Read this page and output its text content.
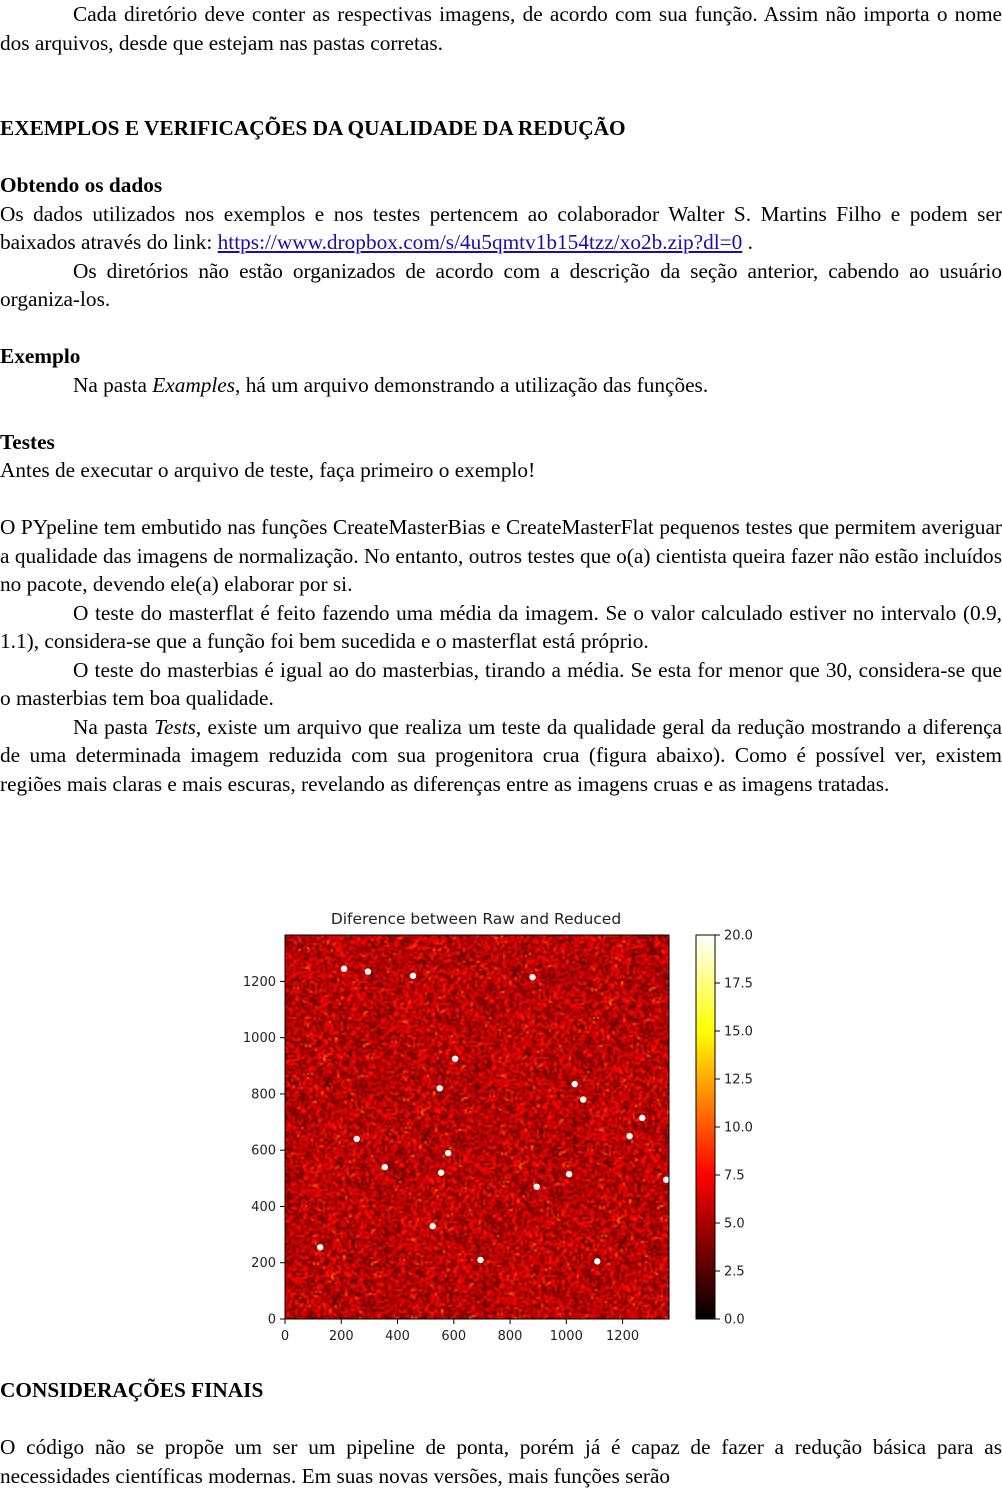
Cada diretório deve conter as respectivas imagens, de acordo com sua função. Assim não importa o nome dos arquivos, desde que estejam nas pastas corretas.

EXEMPLOS E VERIFICAÇÕES DA QUALIDADE DA REDUÇÃO

Obtendo os dados

Os dados utilizados nos exemplos e nos testes pertencem ao colaborador Walter S. Martins Filho e podem ser baixados através do link: https://www.dropbox.com/s/4u5qmtv1b154tzz/xo2b.zip?dl=0 .

Os diretórios não estão organizados de acordo com a descrição da seção anterior, cabendo ao usuário organiza-los.

Exemplo

Na pasta Examples, há um arquivo demonstrando a utilização das funções.

Testes

Antes de executar o arquivo de teste, faça primeiro o exemplo!

O PYpeline tem embutido nas funções CreateMasterBias e CreateMasterFlat pequenos testes que permitem averiguar a qualidade das imagens de normalização. No entanto, outros testes que o(a) cientista queira fazer não estão incluídos no pacote, devendo ele(a) elaborar por si.

O teste do masterflat é feito fazendo uma média da imagem. Se o valor calculado estiver no intervalo (0.9, 1.1), considera-se que a função foi bem sucedida e o masterflat está próprio.

O teste do masterbias é igual ao do masterbias, tirando a média. Se esta for menor que 30, considera-se que o masterbias tem boa qualidade.

Na pasta Tests, existe um arquivo que realiza um teste da qualidade geral da redução mostrando a diferença de uma determinada imagem reduzida com sua progenitora crua (figura abaixo). Como é possível ver, existem regiões mais claras e mais escuras, revelando as diferenças entre as imagens cruas e as imagens tratadas.

Diference between Raw and Reduced
0	200 400 600 800 1000 1200
0
200
400
600
800
1000
1200
0.0
2.5
5.0
7.5
10.0
12.5
15.0
17.5
20.0

CONSIDERAÇÕES FINAIS

O código não se propõe um ser um pipeline de ponta, porém já é capaz de fazer a redução básica para as necessidades científicas modernas. Em suas novas versões, mais funções serão
